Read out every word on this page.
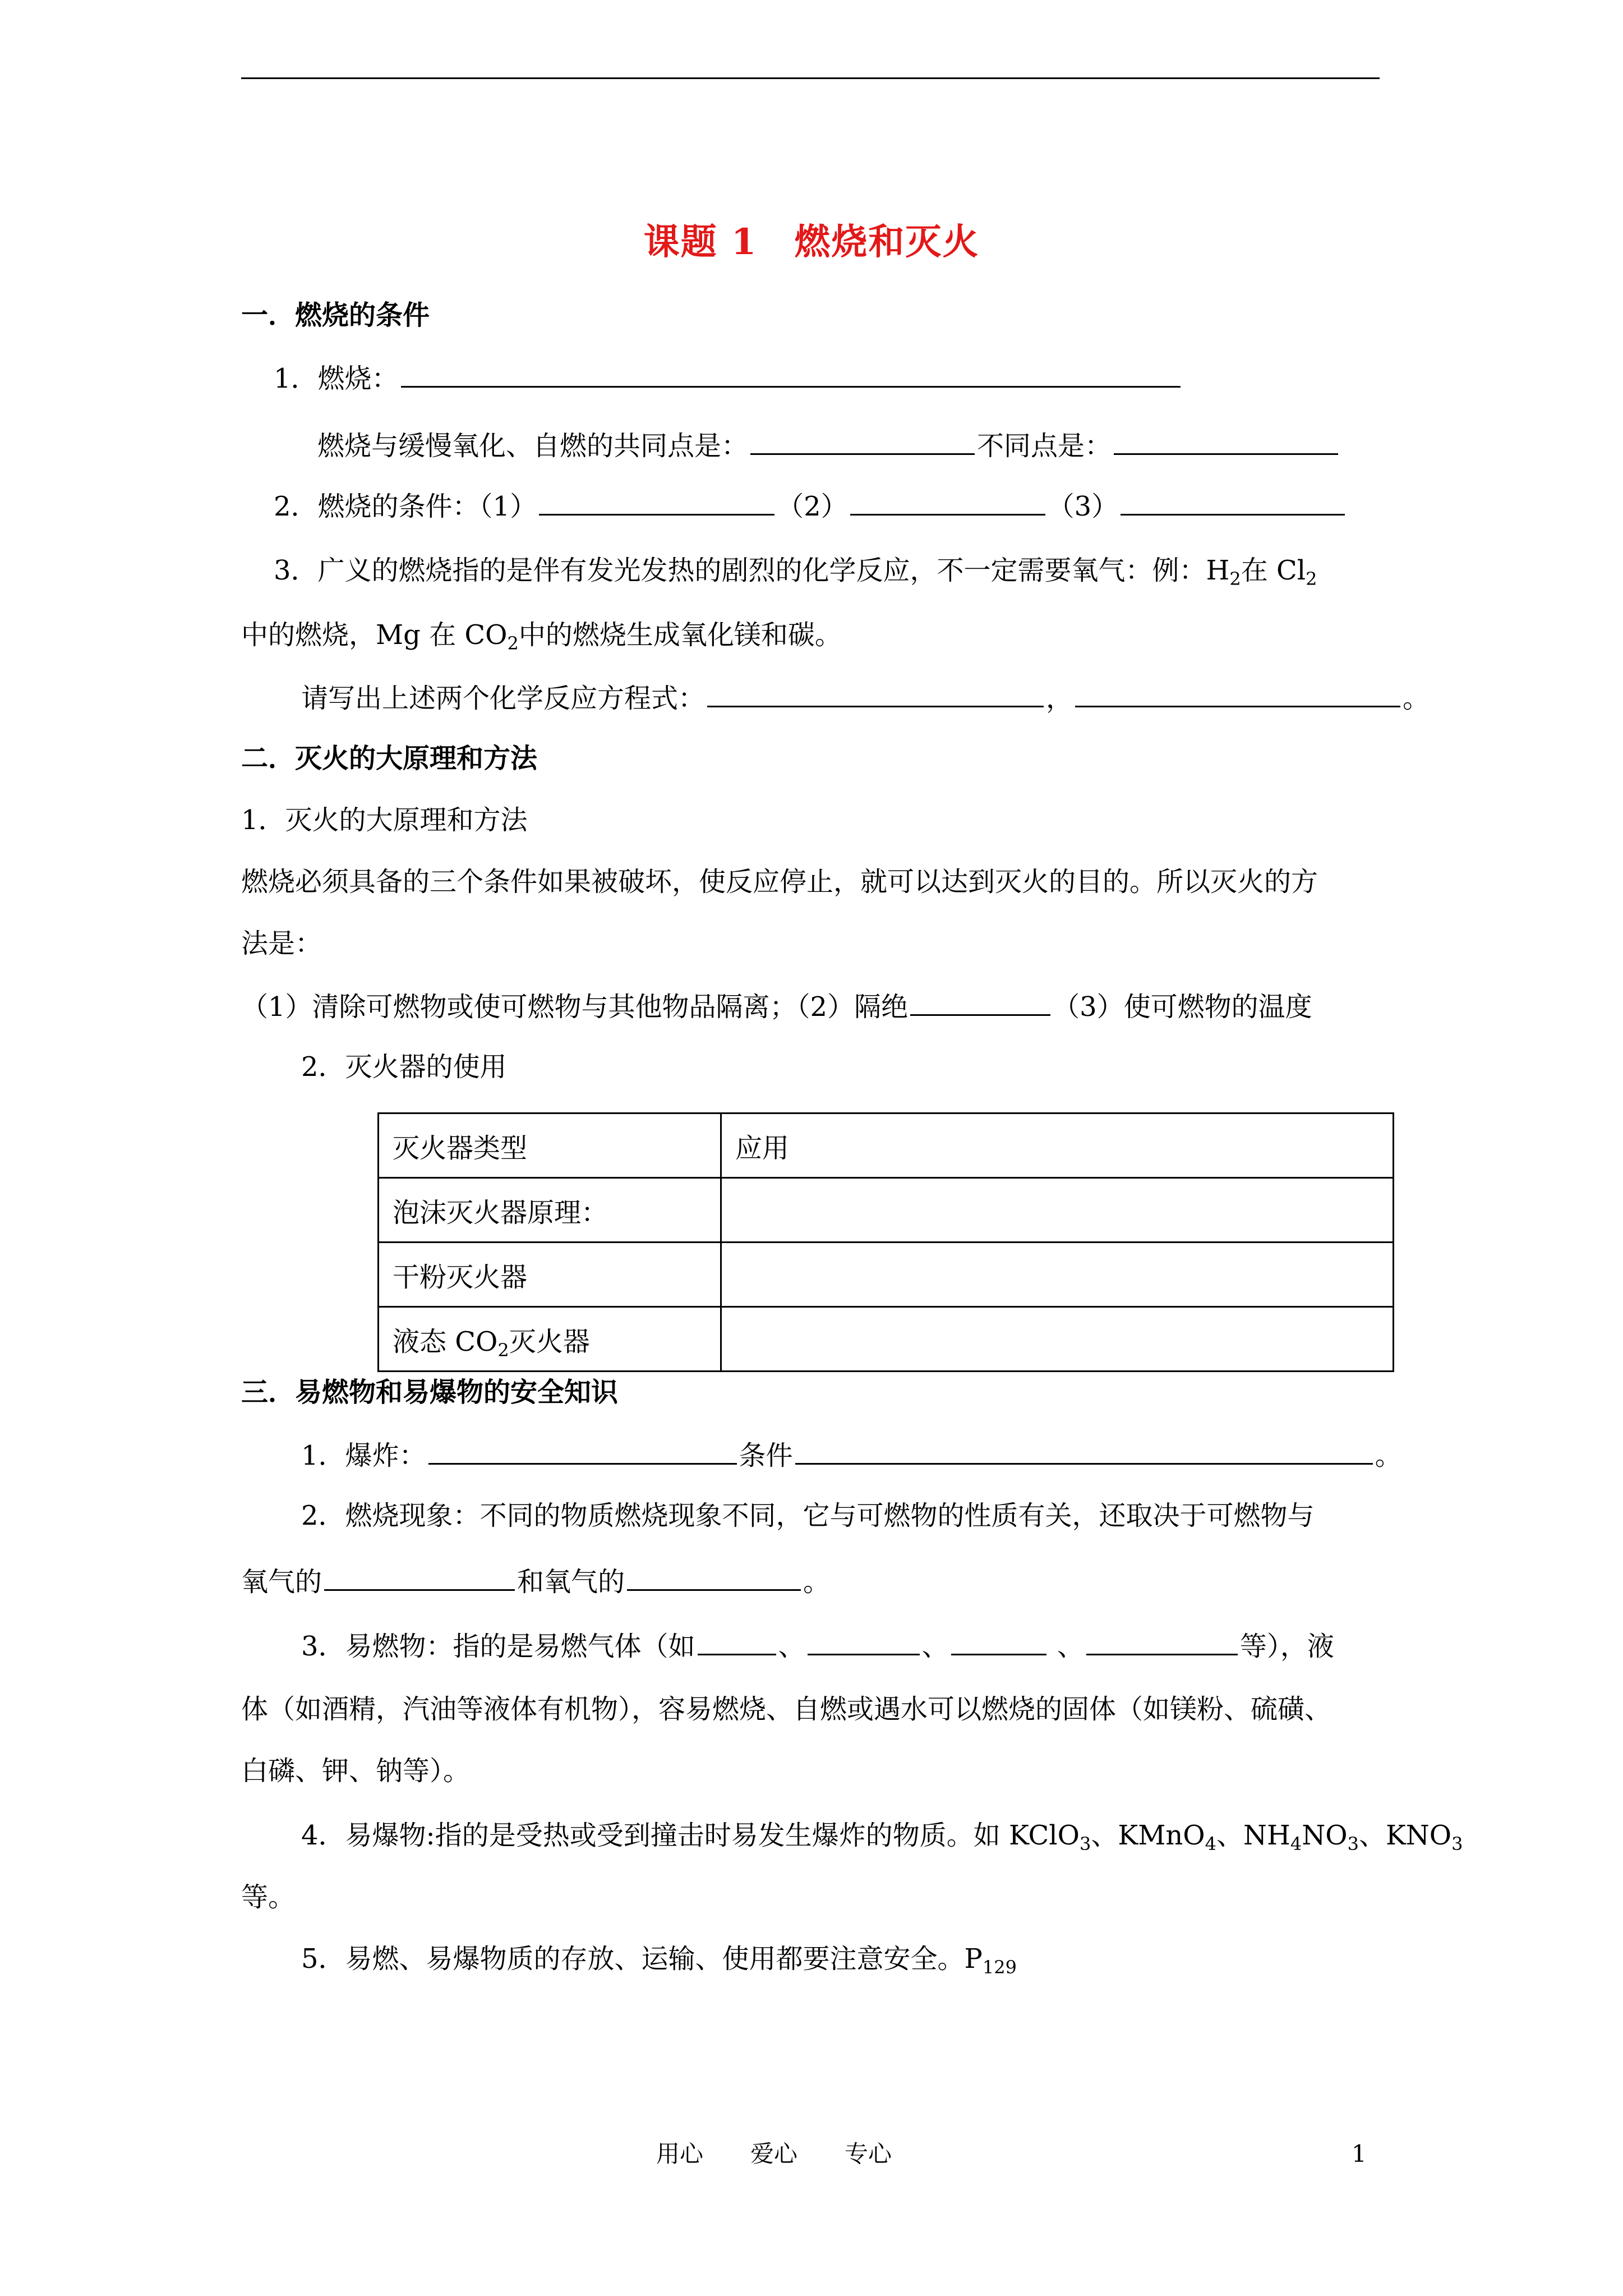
课题 1　燃烧和灭火
一．燃烧的条件
1．燃烧：
燃烧与缓慢氧化、自燃的共同点是：	不同点是：
2．燃烧的条件：（1）	（2）	（3）
3．广义的燃烧指的是伴有发光发热的剧烈的化学反应，不一定需要氧气：例：$H_2$在 $Cl_2$
中的燃烧，Mg 在 $CO_2$中的燃烧生成氧化镁和碳。
请写出上述两个化学反应方程式：	，	。
二．灭火的大原理和方法
1．灭火的大原理和方法
燃烧必须具备的三个条件如果被破坏，使反应停止，就可以达到灭火的目的。所以灭火的方
法是：
（1）清除可燃物或使可燃物与其他物品隔离；（2）隔绝	（3）使可燃物的温度
2．灭火器的使用
灭火器类型	应用
泡沫灭火器原理：	
干粉灭火器	
液态 $CO_2$灭火器	
三．易燃物和易爆物的安全知识
1．爆炸：	条件	。
2．燃烧现象：不同的物质燃烧现象不同，它与可燃物的性质有关，还取决于可燃物与
氧气的	和氧气的	。
3．易燃物：指的是易燃气体（如	、	、	、	等），液
体（如酒精，汽油等液体有机物），容易燃烧、自燃或遇水可以燃烧的固体（如镁粉、硫磺、
白磷、钾、钠等）。
4．易爆物:指的是受热或受到撞击时易发生爆炸的物质。如 KClO$_3$、KMnO$_4$、$NH_4NO_3$、$KNO_3$
等。
5．易燃、易爆物质的存放、运输、使用都要注意安全。$P_{129}$
用心　　爱心　　专心	1
